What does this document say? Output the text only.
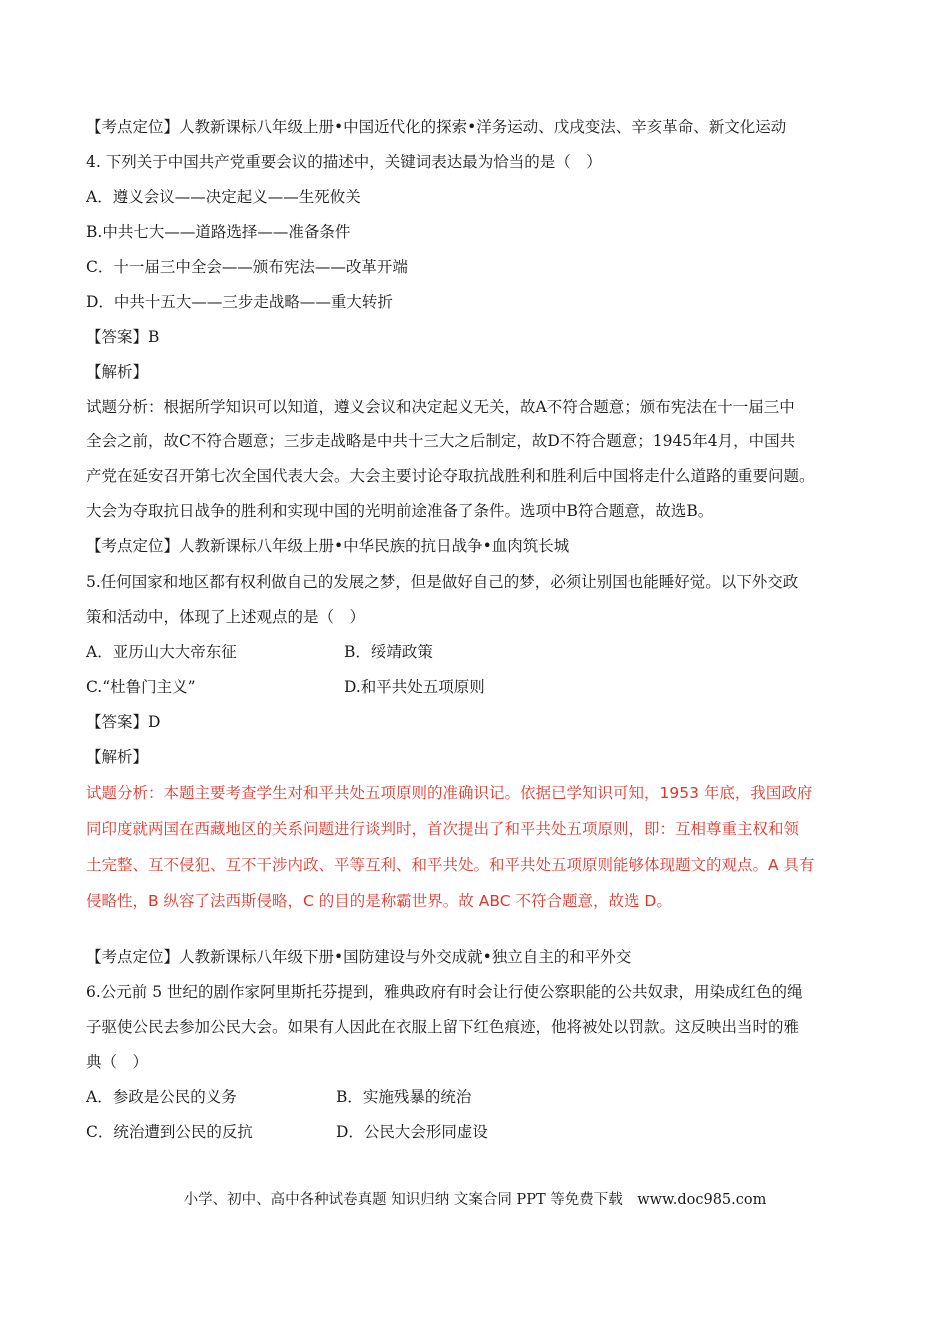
【考点定位】人教新课标八年级上册•中国近代化的探索•洋务运动、戊戌变法、辛亥革命、新文化运动
4. 下列关于中国共产党重要会议的描述中，关键词表达最为恰当的是（　）
A．遵义会议——决定起义——生死攸关
B.中共七大——道路选择——准备条件
C．十一届三中全会——颁布宪法——改革开端
D．中共十五大——三步走战略——重大转折
【答案】B
【解析】
试题分析：根据所学知识可以知道，遵义会议和决定起义无关，故A不符合题意；颁布宪法在十一届三中
全会之前，故C不符合题意；三步走战略是中共十三大之后制定，故D不符合题意；1945年4月，中国共
产党在延安召开第七次全国代表大会。大会主要讨论夺取抗战胜利和胜利后中国将走什么道路的重要问题。
大会为夺取抗日战争的胜利和实现中国的光明前途准备了条件。选项中B符合题意，故选B。
【考点定位】人教新课标八年级上册•中华民族的抗日战争•血肉筑长城
5.任何国家和地区都有权利做自己的发展之梦，但是做好自己的梦，必须让别国也能睡好觉。以下外交政
策和活动中，体现了上述观点的是（　）
A．亚历山大大帝东征	B．绥靖政策
C.“杜鲁门主义”	D.和平共处五项原则
【答案】D
【解析】
试题分析：本题主要考查学生对和平共处五项原则的准确识记。依据已学知识可知，1953 年底，我国政府
同印度就两国在西藏地区的关系问题进行谈判时，首次提出了和平共处五项原则，即：互相尊重主权和领
土完整、互不侵犯、互不干涉内政、平等互利、和平共处。和平共处五项原则能够体现题文的观点。A 具有
侵略性，B 纵容了法西斯侵略，C 的目的是称霸世界。故 ABC 不符合题意，故选 D。
【考点定位】人教新课标八年级下册•国防建设与外交成就•独立自主的和平外交
6.公元前 5 世纪的剧作家阿里斯托芬提到，雅典政府有时会让行使公察职能的公共奴隶，用染成红色的绳
子驱使公民去参加公民大会。如果有人因此在衣服上留下红色痕迹，他将被处以罚款。这反映出当时的雅
典（　）
A．参政是公民的义务	B．实施残暴的统治
C．统治遭到公民的反抗	D．公民大会形同虚设
小学、初中、高中各种试卷真题 知识归纳 文案合同 PPT 等免费下载　www.doc985.com
